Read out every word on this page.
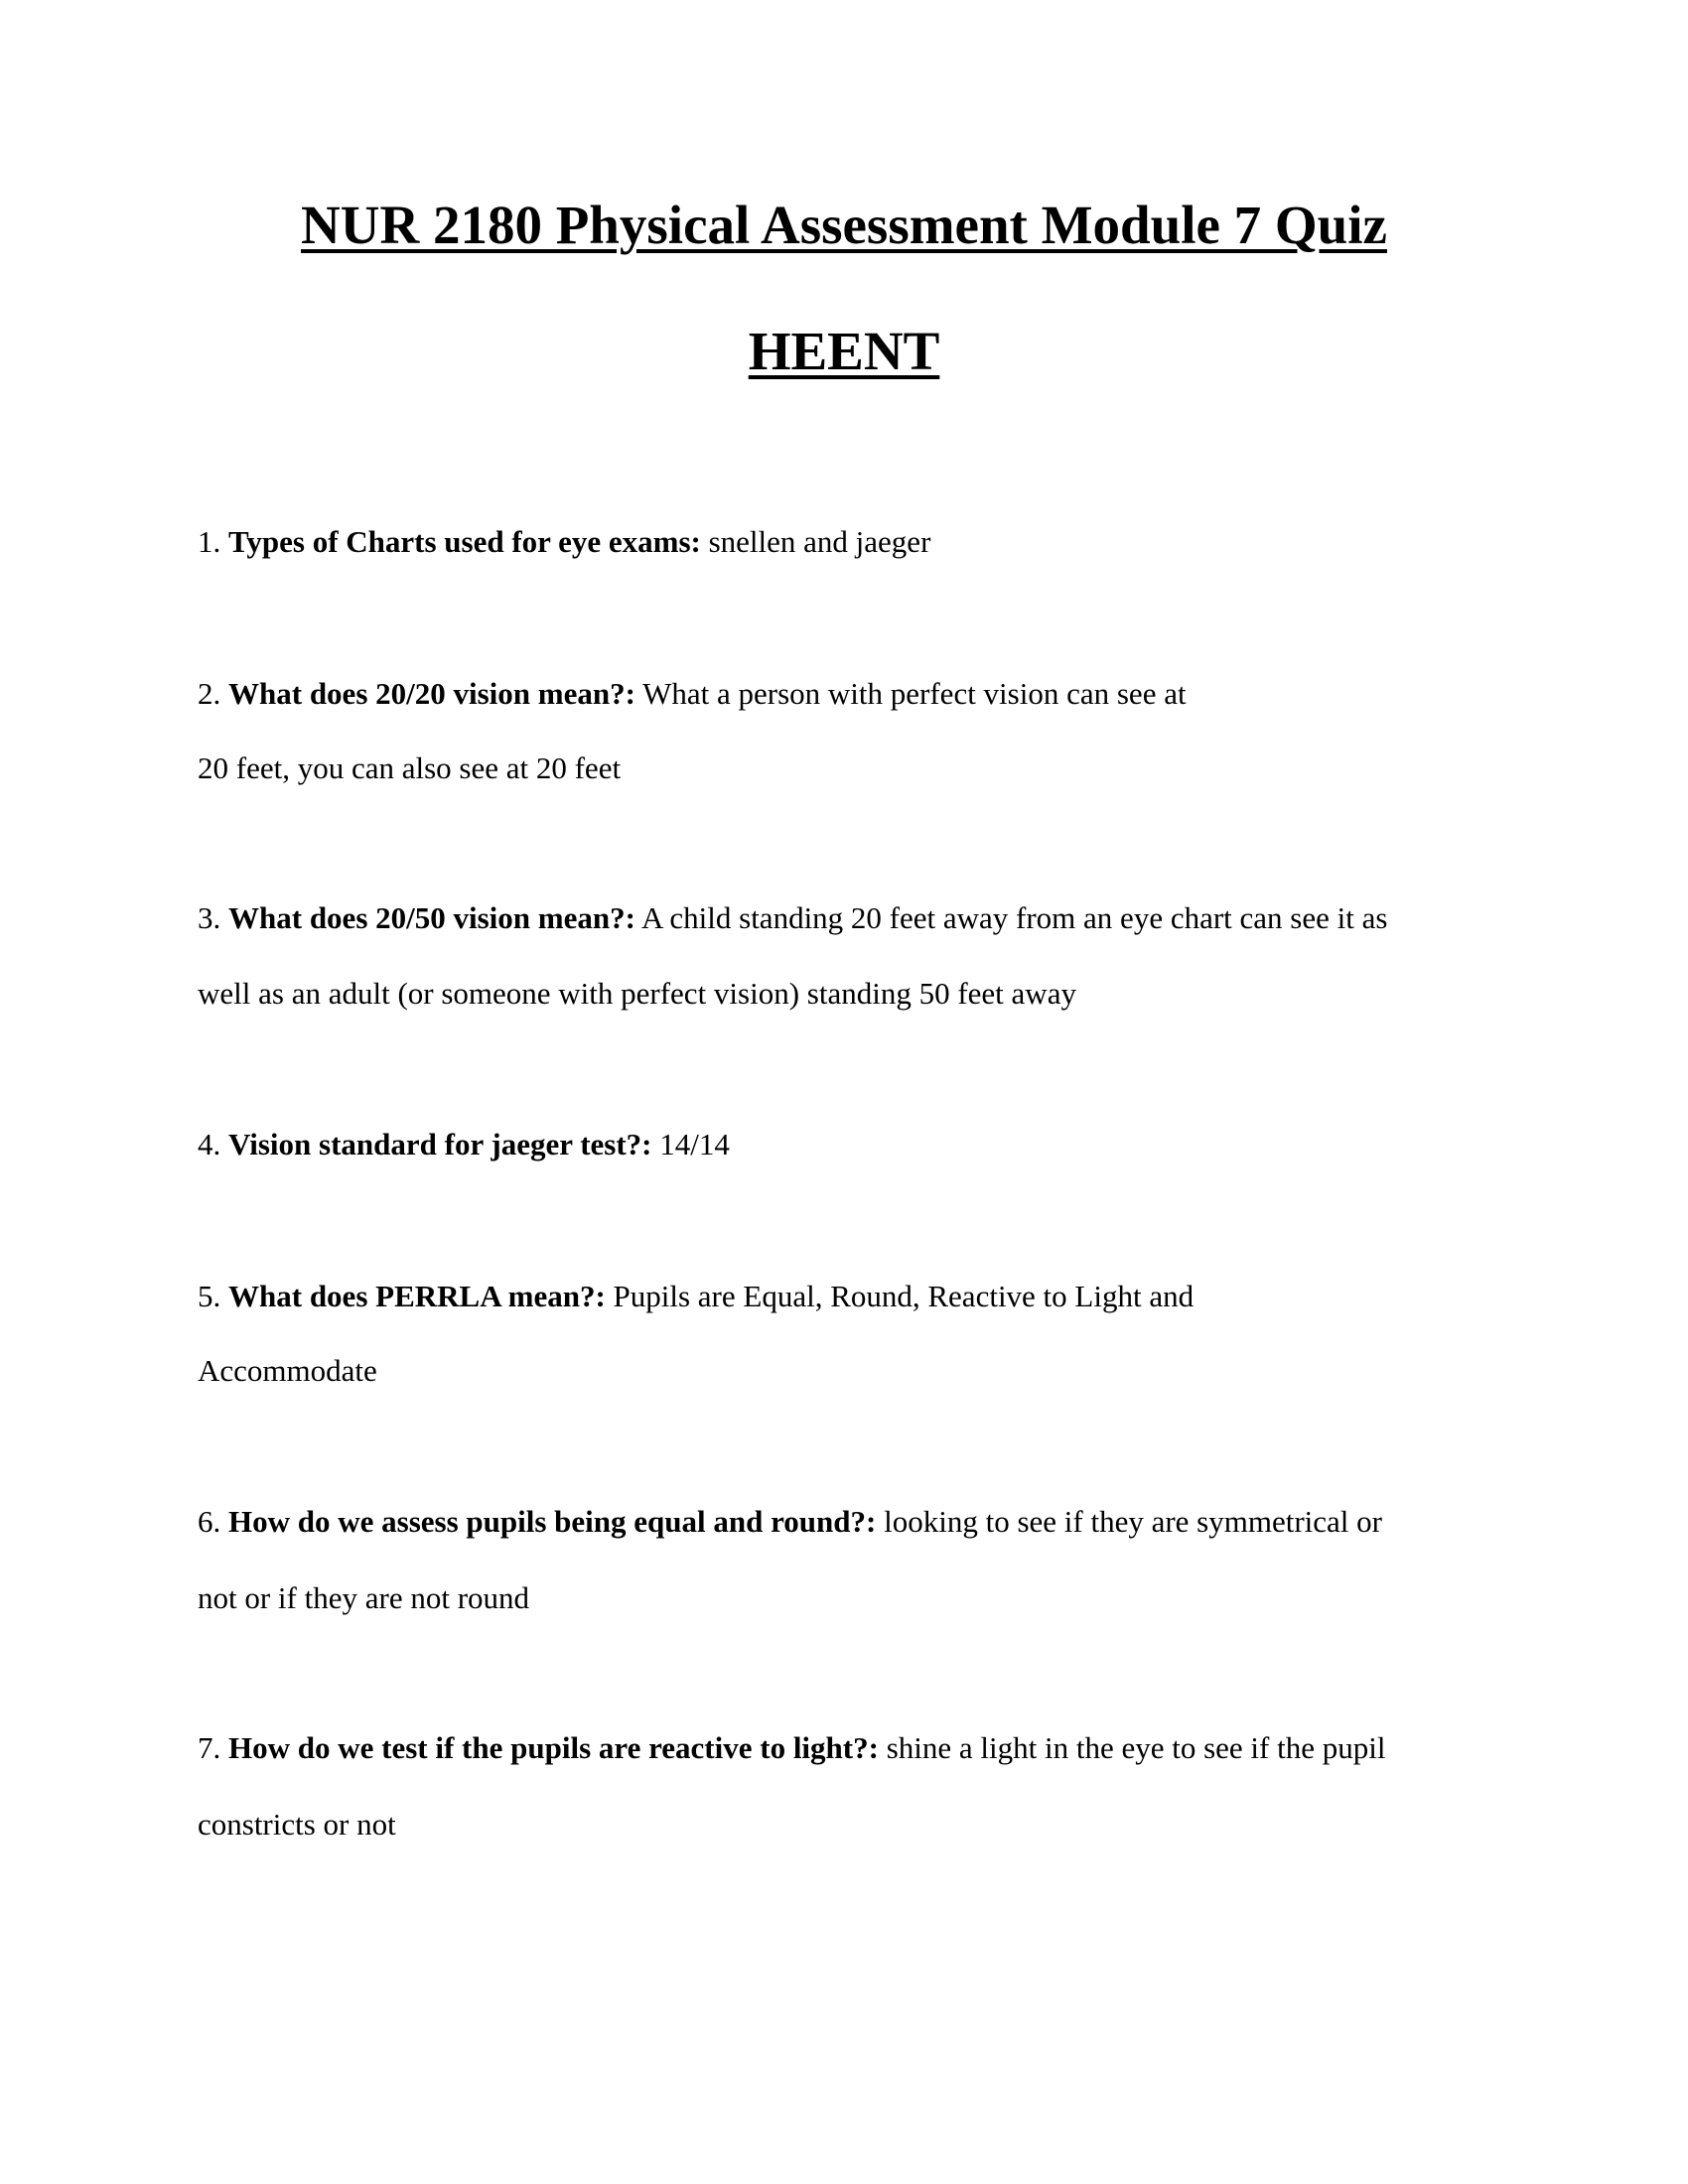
NUR 2180 Physical Assessment Module 7 Quiz
HEENT
1. Types of Charts used for eye exams: snellen and jaeger
2. What does 20/20 vision mean?: What a person with perfect vision can see at
20 feet, you can also see at 20 feet
3. What does 20/50 vision mean?: A child standing 20 feet away from an eye chart can see it as
well as an adult (or someone with perfect vision) standing 50 feet away
4. Vision standard for jaeger test?: 14/14
5. What does PERRLA mean?: Pupils are Equal, Round, Reactive to Light and
Accommodate
6. How do we assess pupils being equal and round?: looking to see if they are symmetrical or
not or if they are not round
7. How do we test if the pupils are reactive to light?: shine a light in the eye to see if the pupil
constricts or not
